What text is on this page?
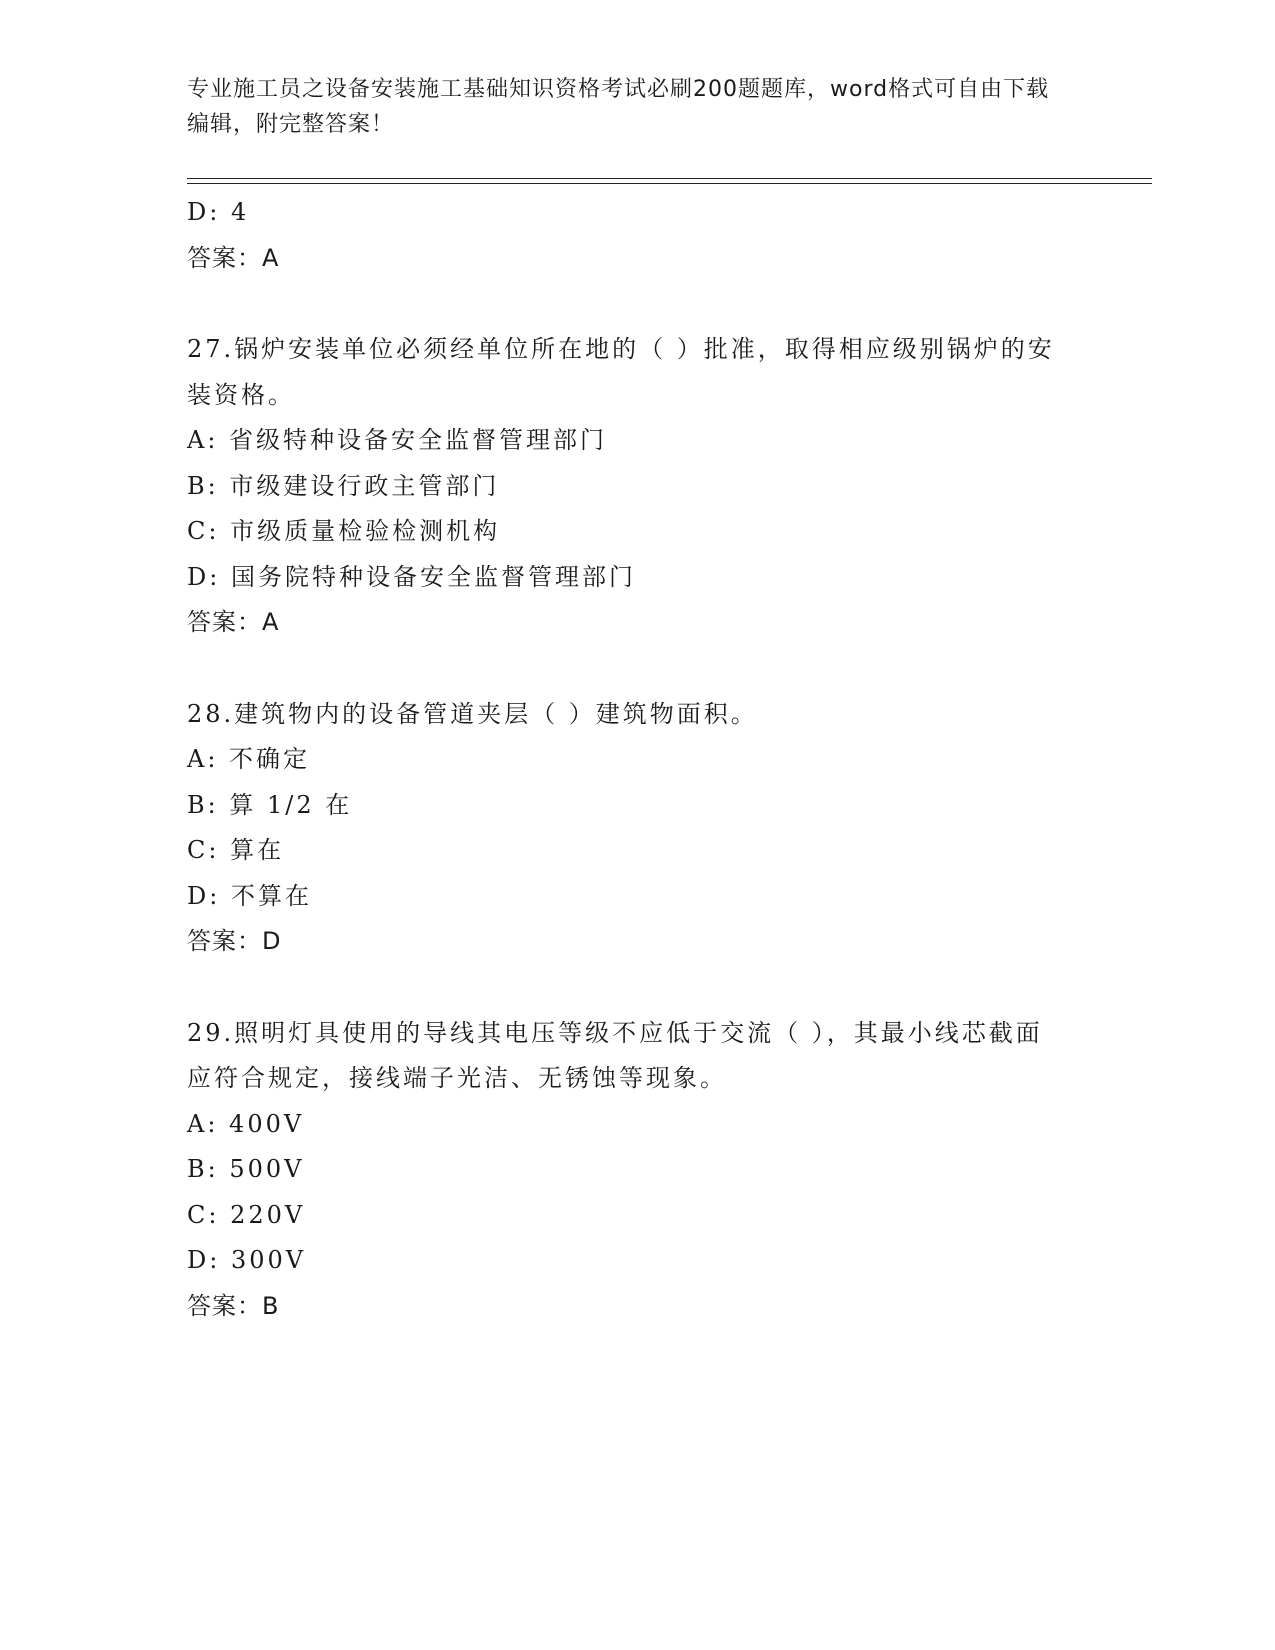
专业施工员之设备安装施工基础知识资格考试必刷200题题库，word格式可自由下载编辑，附完整答案！
D: 4
答案：A
27.锅炉安装单位必须经单位所在地的（ ）批准，取得相应级别锅炉的安装资格。
A: 省级特种设备安全监督管理部门
B: 市级建设行政主管部门
C: 市级质量检验检测机构
D: 国务院特种设备安全监督管理部门
答案：A
28.建筑物内的设备管道夹层（ ）建筑物面积。
A: 不确定
B: 算 1/2 在
C: 算在
D: 不算在
答案：D
29.照明灯具使用的导线其电压等级不应低于交流（ ），其最小线芯截面应符合规定，接线端子光洁、无锈蚀等现象。
A: 400V
B: 500V
C: 220V
D: 300V
答案：B
